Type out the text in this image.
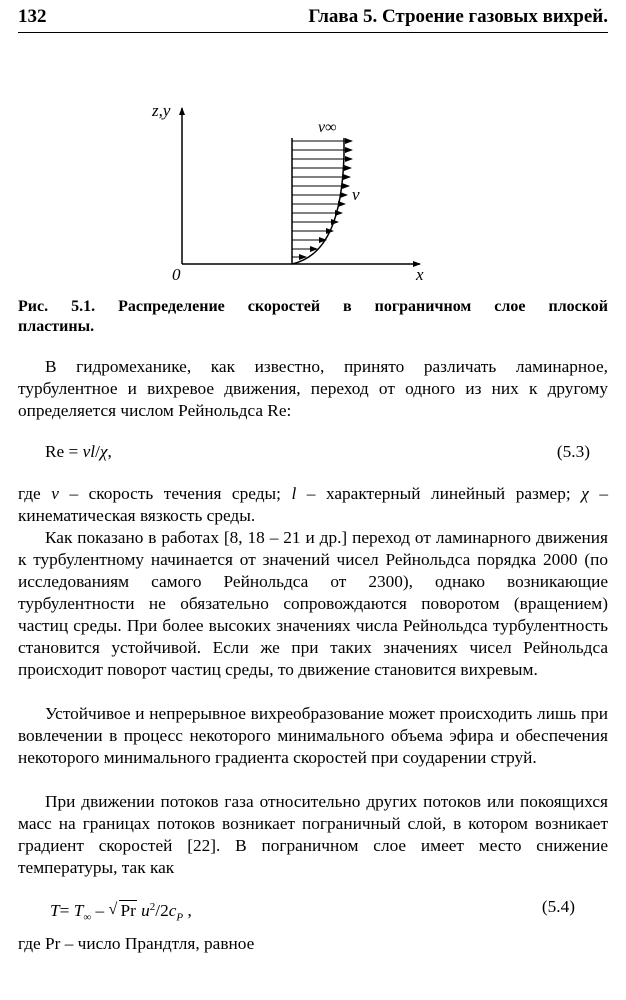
132	Глава 5. Строение газовых вихрей.
z,y
v∞
v
0	x
Рис. 5.1. Распределение скоростей в пограничном слое плоской
пластины.
В гидромеханике, как известно, принято различать ламинарное, турбулентное и вихревое движения, переход от одного из них к другому определяется числом Рейнольдса Re:
Re = vl/χ,	(5.3)
где v – скорость течения среды; l – характерный линейный размер; χ – кинематическая вязкость среды.
Как показано в работах [8, 18 – 21 и др.] переход от ламинарного движения к турбулентному начинается от значений чисел Рейнольдса порядка 2000 (по исследованиям самого Рейнольдса от 2300), однако возникающие турбулентности не обязательно сопровождаются поворотом (вращением) частиц среды. При более высоких значениях числа Рейнольдса турбулентность становится устойчивой. Если же при таких значениях чисел Рейнольдса происходит поворот частиц среды, то движение становится вихревым.
Устойчивое и непрерывное вихреобразование может происходить лишь при вовлечении в процесс некоторого минимального объема эфира и обеспечения некоторого минимального градиента скоростей при соударении струй.
При движении потоков газа относительно других потоков или покоящихся масс на границах потоков возникает пограничный слой, в котором возникает градиент скоростей [22]. В пограничном слое имеет место снижение температуры, так как
$T= T_\infty$ – √ Pr $u^2/2c_P$ ,	(5.4)
где Pr – число Прандтля, равное
